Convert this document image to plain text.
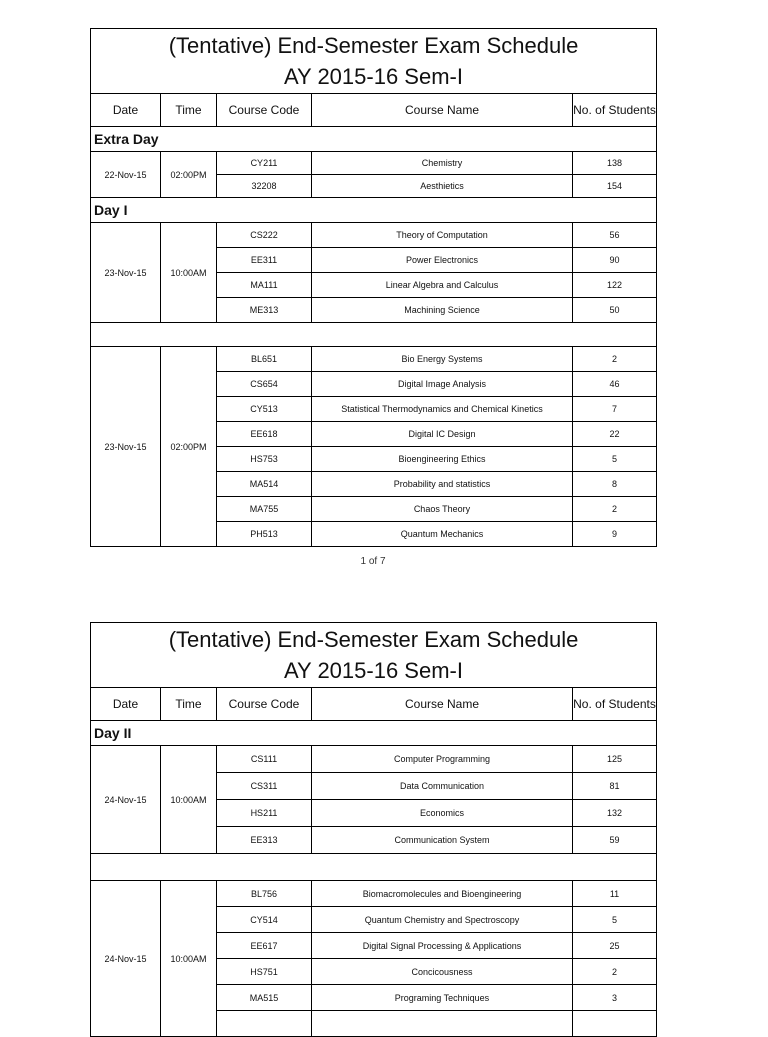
(Tentative) End-Semester Exam Schedule
AY 2015-16 Sem-I				

Date	Time	Course Code	Course Name	No. of Students
Extra Day				
22-Nov-15	02:00PM	CY211	Chemistry	138
		32208	Aesthietics	154
Day I				
23-Nov-15	10:00AM	CS222	Theory of Computation	56
		EE311	Power Electronics	90
		MA111	Linear Algebra and Calculus	122
		ME313	Machining Science	50

23-Nov-15	02:00PM	BL651	Bio Energy Systems	2
		CS654	Digital Image Analysis	46
		CY513	Statistical Thermodynamics and Chemical Kinetics	7
		EE618	Digital IC Design	22
		HS753	Bioengineering Ethics	5
		MA514	Probability and statistics	8
		MA755	Chaos Theory	2
		PH513	Quantum Mechanics	9
1 of 7
(Tentative) End-Semester Exam Schedule
AY 2015-16 Sem-I				

Date	Time	Course Code	Course Name	No. of Students
Day II				
24-Nov-15	10:00AM	CS111	Computer Programming	125
		CS311	Data Communication	81
		HS211	Economics	132
		EE313	Communication System	59

24-Nov-15	10:00AM	BL756	Biomacromolecules and Bioengineering	11
		CY514	Quantum Chemistry and Spectroscopy	5
		EE617	Digital Signal Processing & Applications	25
		HS751	Concicousness	2
		MA515	Programing Techniques	3
